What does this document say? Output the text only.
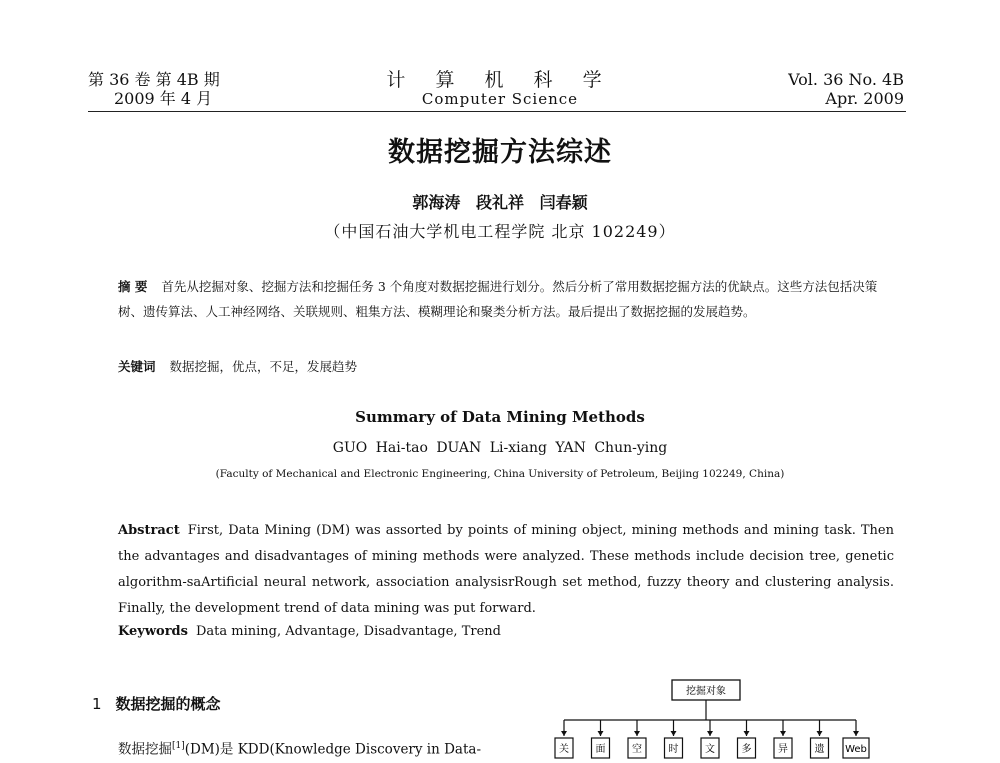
第 36 卷 第 4B 期
2009 年 4 月
计 算 机 科 学
Computer Science
Vol. 36 No. 4B
Apr. 2009
数据挖掘方法综述
郭海涛 段礼祥 闫春颖
（中国石油大学机电工程学院 北京 102249）
摘 要 首先从挖掘对象、挖掘方法和挖掘任务 3 个角度对数据挖掘进行划分。然后分析了常用数据挖掘方法的优缺点。这些方法包括决策树、遗传算法、人工神经网络、关联规则、粗集方法、模糊理论和聚类分析方法。最后提出了数据挖掘的发展趋势。
关键词 数据挖掘，优点，不足，发展趋势
Summary of Data Mining Methods
GUO Hai-tao DUAN Li-xiang YAN Chun-ying
(Faculty of Mechanical and Electronic Engineering, China University of Petroleum, Beijing 102249, China)
Abstract First, Data Mining (DM) was assorted by points of mining object, mining methods and mining task. Then the advantages and disadvantages of mining methods were analyzed. These methods include decision tree, genetic algorithm-saArtificial neural network, association analysisrRough set method, fuzzy theory and clustering analysis. Finally, the development trend of data mining was put forward.
Keywords Data mining, Advantage, Disadvantage, Trend
1 数据挖掘的概念
数据挖掘[1](DM)是 KDD(Knowledge Discovery in Data-
挖掘对象
关	面	空	时	文	多	异	遗 Web
